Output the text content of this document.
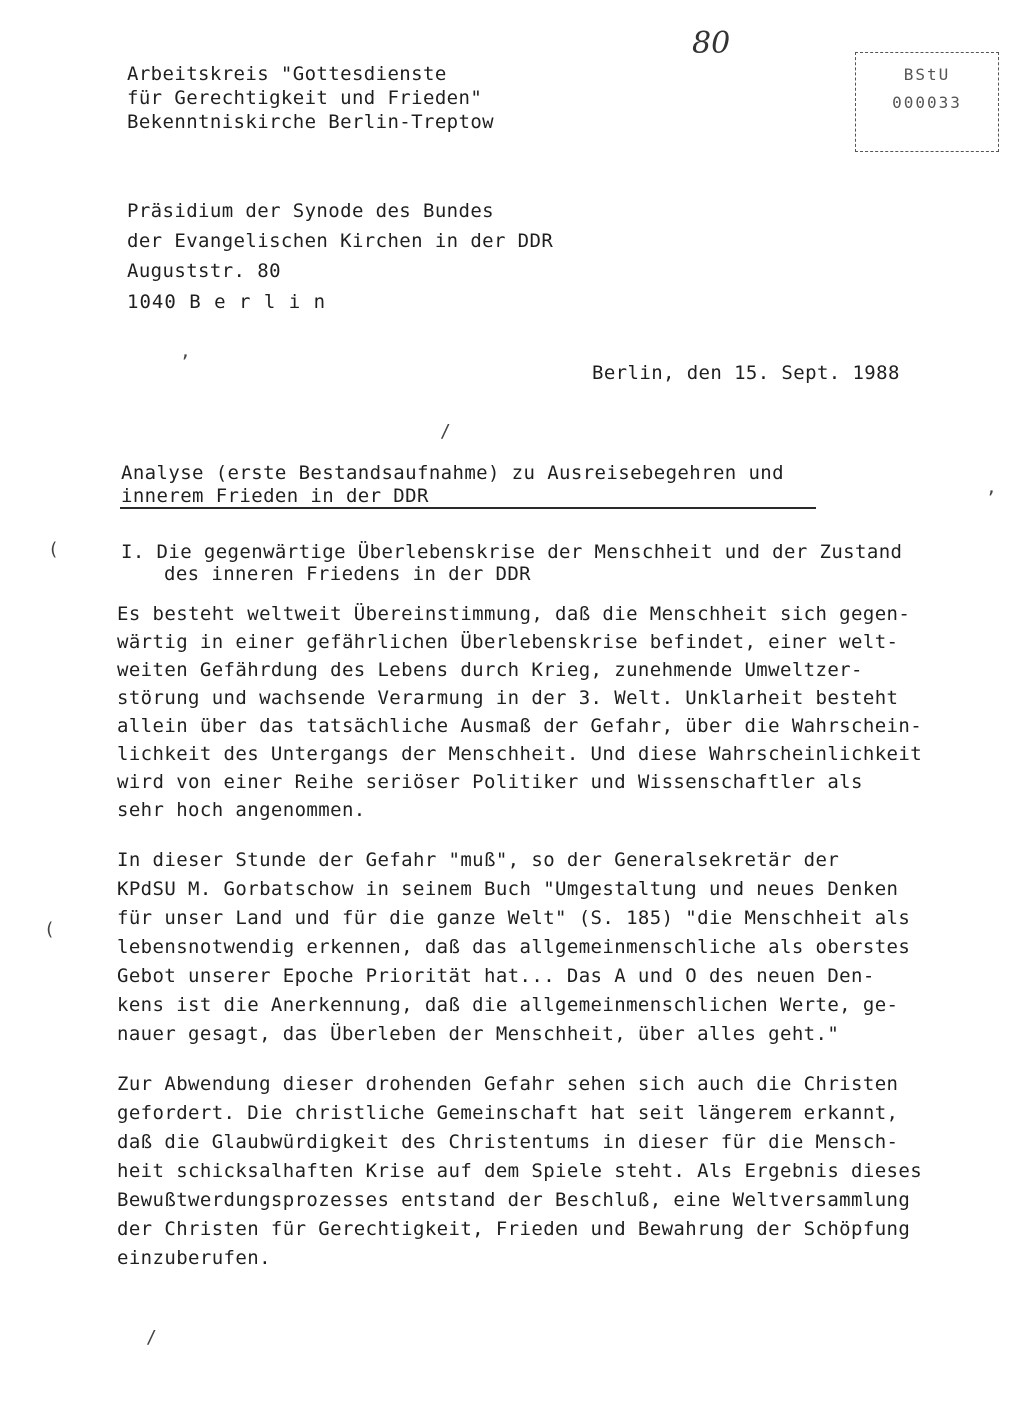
80
BStU
000033
Arbeitskreis "Gottesdienste
für Gerechtigkeit und Frieden"
Bekenntniskirche Berlin-Treptow
Präsidium der Synode des Bundes
der Evangelischen Kirchen in der DDR
Auguststr. 80
1040 B e r l i n
Berlin, den 15. Sept. 1988
Analyse (erste Bestandsaufnahme) zu Ausreisebegehren und
innerem Frieden in der DDR
I. Die gegenwärtige Überlebenskrise der Menschheit und der Zustand
des inneren Friedens in der DDR
Es besteht weltweit Übereinstimmung, daß die Menschheit sich gegen-
wärtig in einer gefährlichen Überlebenskrise befindet, einer welt-
weiten Gefährdung des Lebens durch Krieg, zunehmende Umweltzer-
störung und wachsende Verarmung in der 3. Welt. Unklarheit besteht
allein über das tatsächliche Ausmaß der Gefahr, über die Wahrschein-
lichkeit des Untergangs der Menschheit. Und diese Wahrscheinlichkeit
wird von einer Reihe seriöser Politiker und Wissenschaftler als
sehr hoch angenommen.
In dieser Stunde der Gefahr "muß", so der Generalsekretär der
KPdSU M. Gorbatschow in seinem Buch "Umgestaltung und neues Denken
für unser Land und für die ganze Welt" (S. 185) "die Menschheit als
lebensnotwendig erkennen, daß das allgemeinmenschliche als oberstes
Gebot unserer Epoche Priorität hat... Das A und O des neuen Den-
kens ist die Anerkennung, daß die allgemeinmenschlichen Werte, ge-
nauer gesagt, das Überleben der Menschheit, über alles geht."
Zur Abwendung dieser drohenden Gefahr sehen sich auch die Christen
gefordert. Die christliche Gemeinschaft hat seit längerem erkannt,
daß die Glaubwürdigkeit des Christentums in dieser für die Mensch-
heit schicksalhaften Krise auf dem Spiele steht. Als Ergebnis dieses
Bewußtwerdungsprozesses entstand der Beschluß, eine Weltversammlung
der Christen für Gerechtigkeit, Frieden und Bewahrung der Schöpfung
einzuberufen.
(
(
,
/
,
/
